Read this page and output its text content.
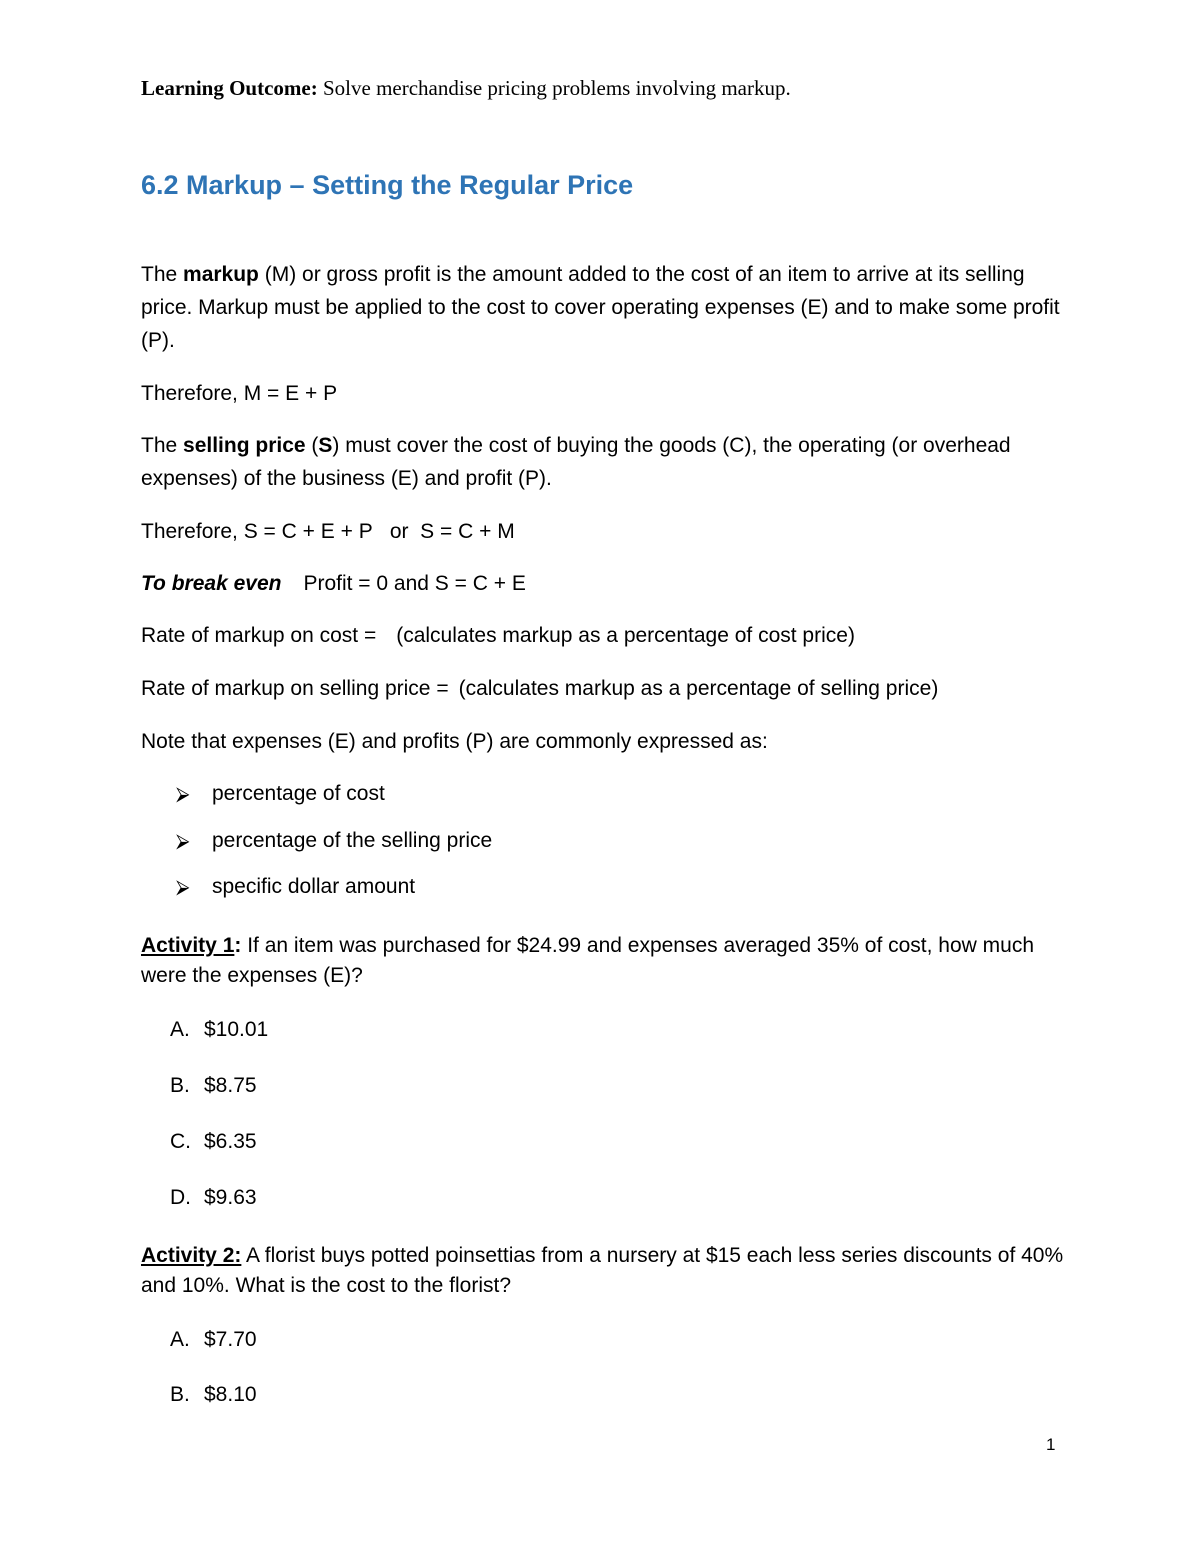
Learning Outcome: Solve merchandise pricing problems involving markup.
6.2 Markup – Setting the Regular Price
The markup (M) or gross profit is the amount added to the cost of an item to arrive at its selling price. Markup must be applied to the cost to cover operating expenses (E) and to make some profit (P).
Therefore, M = E + P
The selling price (S) must cover the cost of buying the goods (C), the operating (or overhead expenses) of the business (E) and profit (P).
Therefore, S = C + E + P   or  S = C + M
To break even Profit = 0 and S = C + E
Rate of markup on cost = (calculates markup as a percentage of cost price)
Rate of markup on selling price = (calculates markup as a percentage of selling price)
Note that expenses (E) and profits (P) are commonly expressed as:
⮚ percentage of cost
⮚ percentage of the selling price
⮚ specific dollar amount
Activity 1: If an item was purchased for $24.99 and expenses averaged 35% of cost, how much were the expenses (E)?
A. $10.01
B. $8.75
C. $6.35
D. $9.63
Activity 2: A florist buys potted poinsettias from a nursery at $15 each less series discounts of 40% and 10%. What is the cost to the florist?
A. $7.70
B. $8.10
1
